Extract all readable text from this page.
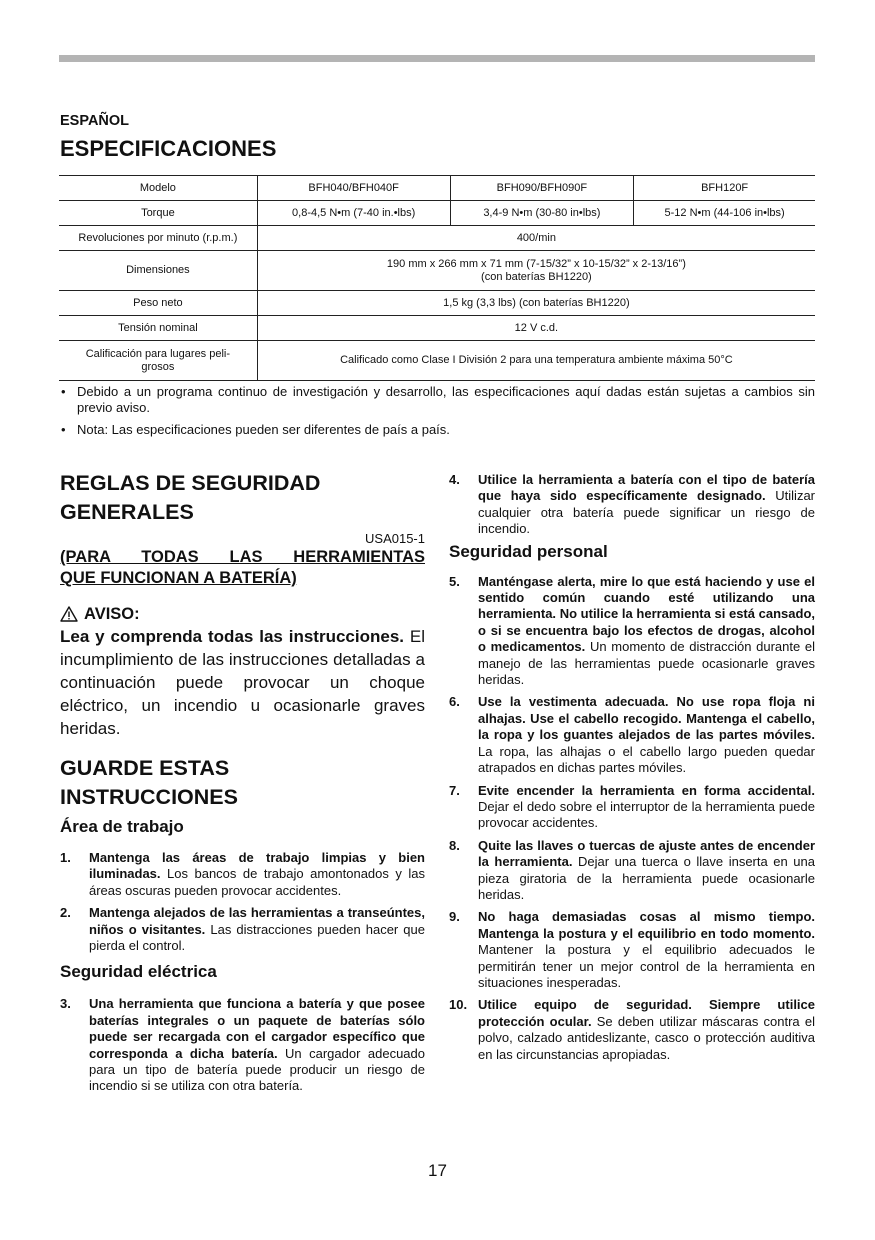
ESPAÑOL

ESPECIFICACIONES
Modelo	BFH040/BFH040F	BFH090/BFH090F	BFH120F
Torque	0,8-4,5 N•m (7-40 in.•lbs)	3,4-9 N•m (30-80 in•lbs)	5-12 N•m (44-106 in•lbs)
Revoluciones por minuto (r.p.m.)	400/min		
Dimensiones	190 mm x 266 mm x 71 mm (7-15/32” x 10-15/32” x 2-13/16”)
(con baterías BH1220)		
Peso neto	1,5 kg (3,3 lbs) (con baterías BH1220)		
Tensión nominal	12 V c.d.		
Calificación para lugares peli-
grosos	Calificado como Clase I División 2 para una temperatura ambiente máxima 50°C		
• Debido a un programa continuo de investigación y desarrollo, las especificaciones aquí dadas están sujetas a cambios sin previo aviso.
• Nota: Las especificaciones pueden ser diferentes de país a país.
REGLAS DE SEGURIDAD GENERALES
USA015-1
(PARA TODAS LAS HERRAMIENTAS
QUE FUNCIONAN A BATERÍA)
AVISO:

Lea y comprenda todas las instrucciones. El incumplimiento de las instrucciones detalladas a continuación puede provocar un choque eléctrico, un incendio u ocasionarle graves heridas.

GUARDE ESTAS INSTRUCCIONES
Área de trabajo
1. Mantenga las áreas de trabajo limpias y bien iluminadas. Los bancos de trabajo amontonados y las áreas oscuras pueden provocar accidentes.
2. Mantenga alejados de las herramientas a transeúntes, niños o visitantes. Las distracciones pueden hacer que pierda el control.
Seguridad eléctrica
3. Una herramienta que funciona a batería y que posee baterías integrales o un paquete de baterías sólo puede ser recargada con el cargador específico que corresponda a dicha batería. Un cargador adecuado para un tipo de batería puede producir un riesgo de incendio si se utiliza con otra batería.
4. Utilice la herramienta a batería con el tipo de batería que haya sido específicamente designado. Utilizar cualquier otra batería puede significar un riesgo de incendio.
Seguridad personal
5. Manténgase alerta, mire lo que está haciendo y use el sentido común cuando esté utilizando una herramienta. No utilice la herramienta si está cansado, o si se encuentra bajo los efectos de drogas, alcohol o medicamentos. Un momento de distracción durante el manejo de las herramientas puede ocasionarle graves heridas.
6. Use la vestimenta adecuada. No use ropa floja ni alhajas. Use el cabello recogido. Mantenga el cabello, la ropa y los guantes alejados de las partes móviles. La ropa, las alhajas o el cabello largo pueden quedar atrapados en dichas partes móviles.
7. Evite encender la herramienta en forma accidental. Dejar el dedo sobre el interruptor de la herramienta puede provocar accidentes.
8. Quite las llaves o tuercas de ajuste antes de encender la herramienta. Dejar una tuerca o llave inserta en una pieza giratoria de la herramienta puede ocasionarle heridas.
9. No haga demasiadas cosas al mismo tiempo. Mantenga la postura y el equilibrio en todo momento. Mantener la postura y el equilibrio adecuados le permitirán tener un mejor control de la herramienta en situaciones inesperadas.
10. Utilice equipo de seguridad. Siempre utilice protección ocular. Se deben utilizar máscaras contra el polvo, calzado antideslizante, casco o protección auditiva en las circunstancias apropiadas.

17
